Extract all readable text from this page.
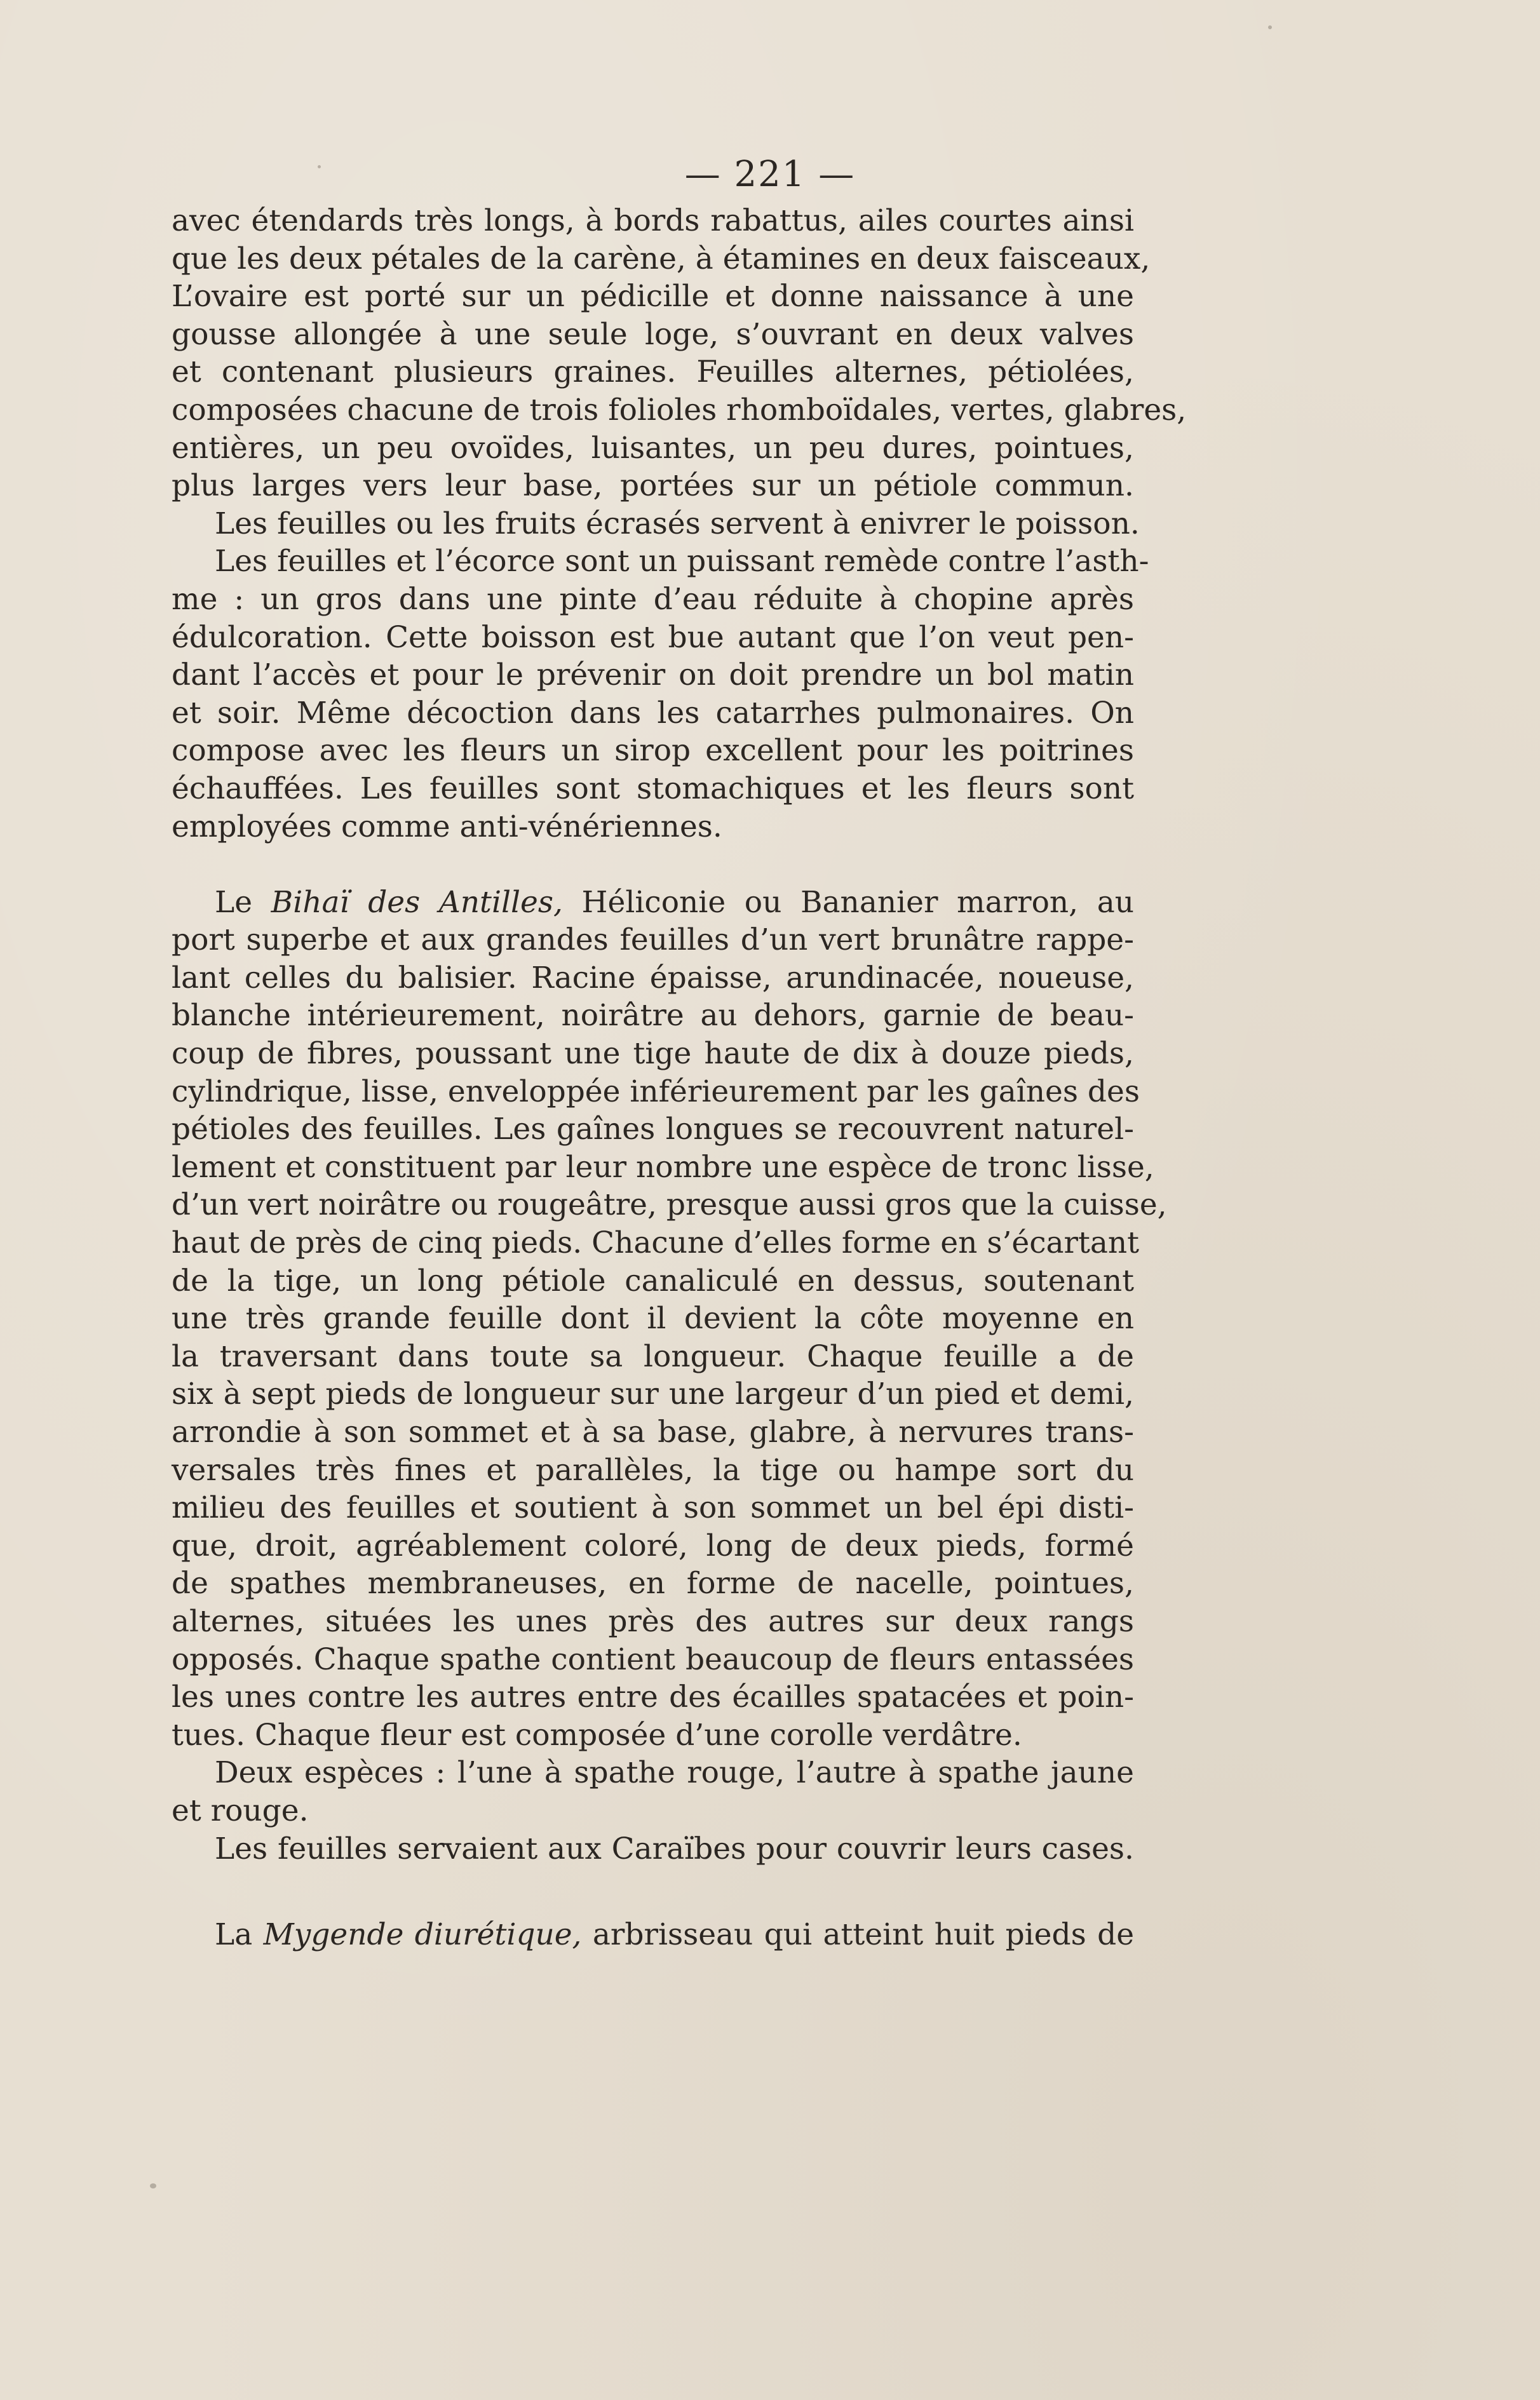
— 221 —
avec étendards très longs, à bords rabattus, ailes courtes ainsi
que les deux pétales de la carène, à étamines en deux faisceaux,
L’ovaire est porté sur un pédicille et donne naissance à une
gousse allongée à une seule loge, s’ouvrant en deux valves
et contenant plusieurs graines. Feuilles alternes, pétiolées,
composées chacune de trois folioles rhomboïdales, vertes, glabres,
entières, un peu ovoïdes, luisantes, un peu dures, pointues,
plus larges vers leur base, portées sur un pétiole commun.
Les feuilles ou les fruits écrasés servent à enivrer le poisson.
Les feuilles et l’écorce sont un puissant remède contre l’asth-
me : un gros dans une pinte d’eau réduite à chopine après
édulcoration. Cette boisson est bue autant que l’on veut pen-
dant l’accès et pour le prévenir on doit prendre un bol matin
et soir. Même décoction dans les catarrhes pulmonaires. On
compose avec les fleurs un sirop excellent pour les poitrines
échauffées. Les feuilles sont stomachiques et les fleurs sont
employées comme anti-vénériennes.
Le Bihaï des Antilles, Héliconie ou Bananier marron, au
port superbe et aux grandes feuilles d’un vert brunâtre rappe-
lant celles du balisier. Racine épaisse, arundinacée, noueuse,
blanche intérieurement, noirâtre au dehors, garnie de beau-
coup de fibres, poussant une tige haute de dix à douze pieds,
cylindrique, lisse, enveloppée inférieurement par les gaînes des
pétioles des feuilles. Les gaînes longues se recouvrent naturel-
lement et constituent par leur nombre une espèce de tronc lisse,
d’un vert noirâtre ou rougeâtre, presque aussi gros que la cuisse,
haut de près de cinq pieds. Chacune d’elles forme en s’écartant
de la tige, un long pétiole canaliculé en dessus, soutenant
une très grande feuille dont il devient la côte moyenne en
la traversant dans toute sa longueur. Chaque feuille a de
six à sept pieds de longueur sur une largeur d’un pied et demi,
arrondie à son sommet et à sa base, glabre, à nervures trans-
versales très fines et parallèles, la tige ou hampe sort du
milieu des feuilles et soutient à son sommet un bel épi disti-
que, droit, agréablement coloré, long de deux pieds, formé
de spathes membraneuses, en forme de nacelle, pointues,
alternes, situées les unes près des autres sur deux rangs
opposés. Chaque spathe contient beaucoup de fleurs entassées
les unes contre les autres entre des écailles spatacées et poin-
tues. Chaque fleur est composée d’une corolle verdâtre.
Deux espèces : l’une à spathe rouge, l’autre à spathe jaune
et rouge.
Les feuilles servaient aux Caraïbes pour couvrir leurs cases.
La Mygende diurétique, arbrisseau qui atteint huit pieds de
